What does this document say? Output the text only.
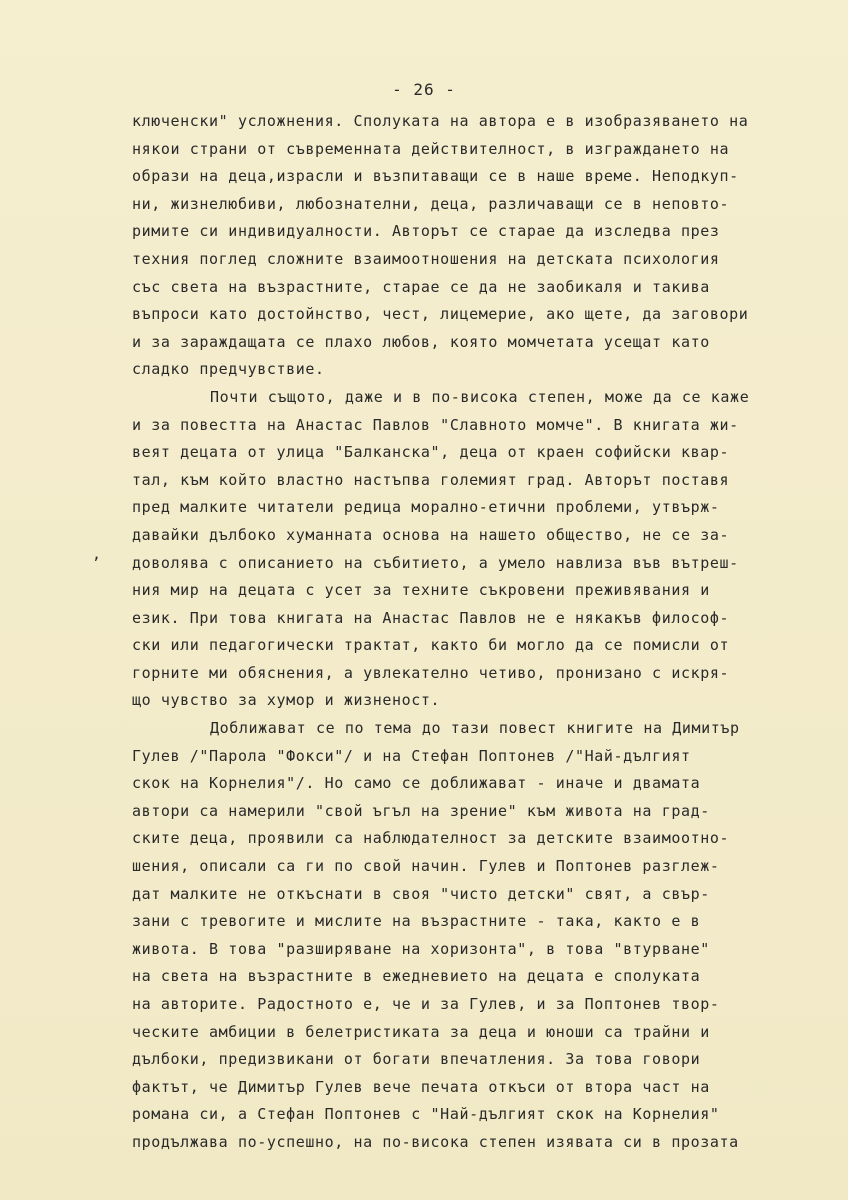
- 26 -
,
ключенски" усложнения. Сполуката на автора е в изобразяването на
някои страни от съвременната действителност, в изграждането на
образи на деца,израсли и възпитаващи се в наше време. Неподкуп-
ни, жизнелюбиви, любознателни, деца, различаващи се в неповто-
римите си индивидуалности. Авторът се старае да изследва през
техния поглед сложните взаимоотношения на детската психология
със света на възрастните, старае се да не заобикаля и такива
въпроси като достойнство, чест, лицемерие, ако щете, да заговори
и за зараждащата се плахо любов, която момчетата усещат като
сладко предчувствие.
Почти същото, даже и в по-висока степен, може да се каже
и за повестта на Анастас Павлов "Славното момче". В книгата жи-
веят децата от улица "Балканска", деца от краен софийски квар-
тал, към който властно настъпва големият град. Авторът поставя
пред малките читатели редица морално-етични проблеми, утвърж-
давайки дълбоко хуманната основа на нашето общество, не се за-
доволява с описанието на събитието, а умело навлиза във вътреш-
ния мир на децата с усет за техните съкровени преживявания и
език. При това книгата на Анастас Павлов не е някакъв философ-
ски или педагогически трактат, както би могло да се помисли от
горните ми обяснения, а увлекателно четиво, пронизано с искря-
що чувство за хумор и жизненост.
Доближават се по тема до тази повест книгите на Димитър
Гулев /"Парола "Фокси"/ и на Стефан Поптонев /"Най-дългият
скок на Корнелия"/. Но само се доближават - иначе и двамата
автори са намерили "свой ъгъл на зрение" към живота на град-
ските деца, проявили са наблюдателност за детските взаимоотно-
шения, описали са ги по свой начин. Гулев и Поптонев разглеж-
дат малките не откъснати в своя "чисто детски" свят, а свър-
зани с тревогите и мислите на възрастните - така, както е в
живота. В това "разширяване на хоризонта", в това "втурване"
на света на възрастните в ежедневието на децата е сполуката
на авторите. Радостното е, че и за Гулев, и за Поптонев твор-
ческите амбиции в белетристиката за деца и юноши са трайни и
дълбоки, предизвикани от богати впечатления. За това говори
фактът, че Димитър Гулев вече печата откъси от втора част на
романа си, а Стефан Поптонев с "Най-дългият скок на Корнелия"
продължава по-успешно, на по-висока степен изявата си в прозата
